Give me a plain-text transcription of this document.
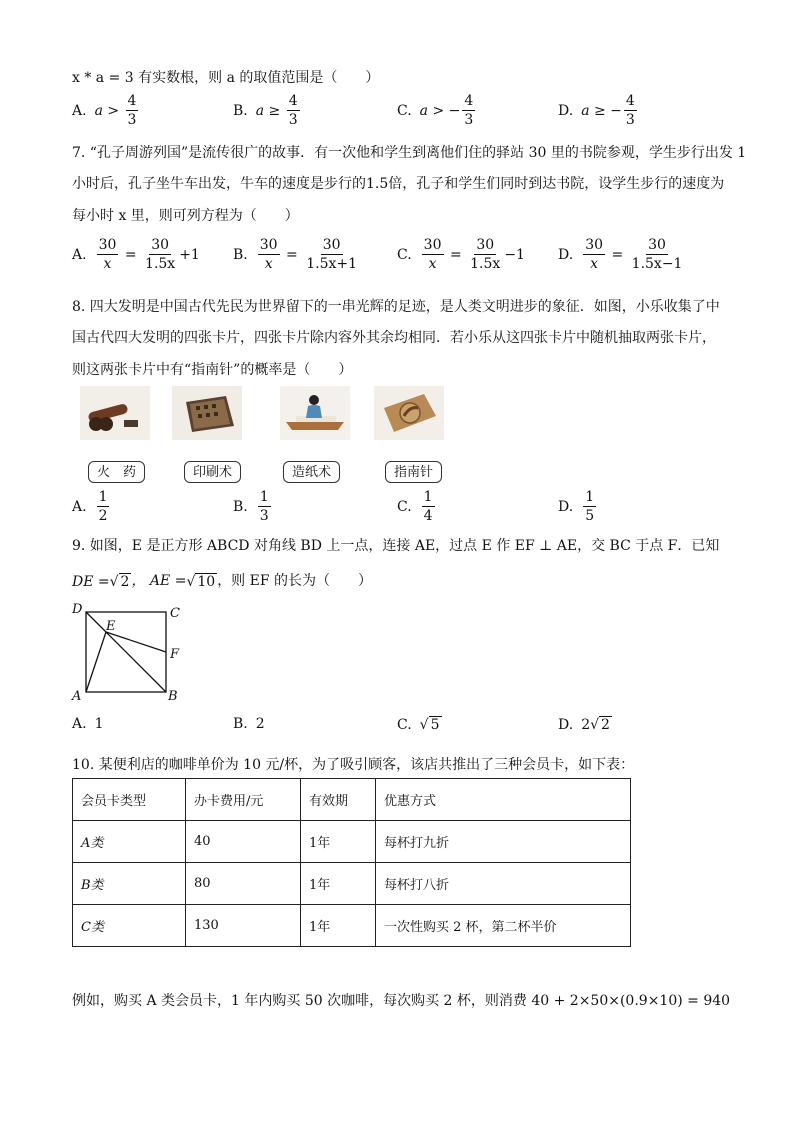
x * a = 3 有实数根，则 a 的取值范围是（　　）
A. a >
$\frac{4}{3}$	B. a ≥
$\frac{4}{3}$	C. a > − $\frac{4}{3}$	D. a ≥ − $\frac{4}{3}$
7. “孔子周游列国”是流传很广的故事．有一次他和学生到离他们住的驿站 30 里的书院参观，学生步行出发 1
小时后，孔子坐牛车出发，牛车的速度是步行的1.5倍，孔子和学生们同时到达书院，设学生步行的速度为
每小时 x 里，则可列方程为（　　）
A. $\frac{30}{x} = \frac{30}{1.5x} +1$ B. $\frac{30}{x} = \frac{30}{1.5x+1}$	C. $\frac{30}{x} = \frac{30}{1.5x} -1$ D. $\frac{30}{x} = \frac{30}{1.5x-1}$
8. 四大发明是中国古代先民为世界留下的一串光辉的足迹，是人类文明进步的象征．如图，小乐收集了中
国古代四大发明的四张卡片，四张卡片除内容外其余均相同．若小乐从这四张卡片中随机抽取两张卡片，
则这两张卡片中有“指南针”的概率是（　　）
火　药	印刷术	造纸术	指南针
A. $\frac{1}{2}$	B. $\frac{1}{3}$	C. $\frac{1}{4}$	D. $\frac{1}{5}$
9. 如图，E 是正方形 ABCD 对角线 BD 上一点，连接 AE，过点 E 作 EF ⊥ AE，交 BC 于点 F．已知
DE = √ 2 ， AE = √ 10 ，则 EF 的长为（　　）
D	C
E
F
A	B
A. 1	B. 2	C. √ 5	D. 2 √ 2
10. 某便利店的咖啡单价为 10 元/杯，为了吸引顾客，该店共推出了三种会员卡，如下表：
会员卡类型	办卡费用/元	有效期	优惠方式
A类	40	1年	每杯打九折
B类	80	1年	每杯打八折
C类	130	1年	一次性购买 2 杯，第二杯半价
例如，购买 A 类会员卡，1 年内购买 50 次咖啡，每次购买 2 杯，则消费 40 + 2×50×(0.9×10) = 940
